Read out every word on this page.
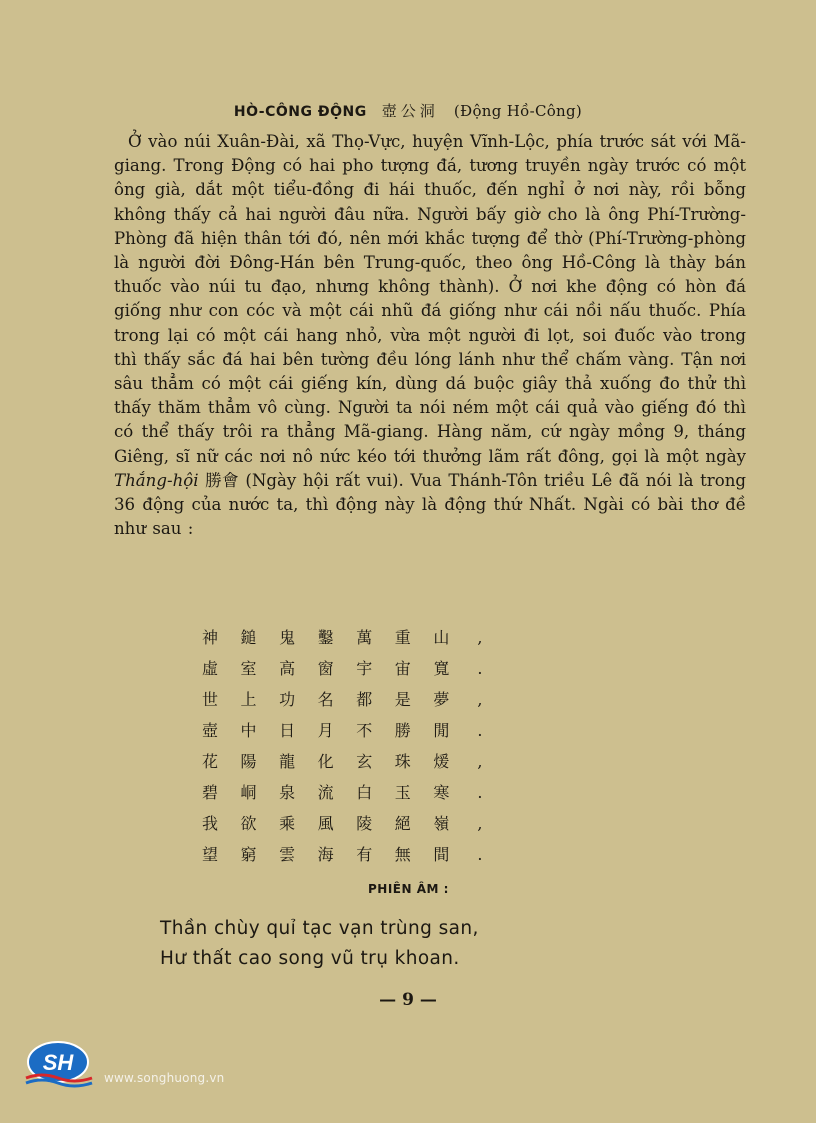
HÒ-CÔNG ĐỘNG 壺公洞 (Động Hồ-Công)
Ở vào núi Xuân-Đài, xã Thọ-Vực, huyện Vĩnh-Lộc, phía trước sát với Mã-giang. Trong Động có hai pho tượng đá, tương truyền ngày trước có một ông già, dắt một tiểu-đồng đi hái thuốc, đến nghỉ ở nơi này, rồi bỗng không thấy cả hai người đâu nữa. Người bấy giờ cho là ông Phí-Trường-Phòng đã hiện thân tới đó, nên mới khắc tượng để thờ (Phí-Trường-phòng là người đời Đông-Hán bên Trung-quốc, theo ông Hồ-Công là thày bán thuốc vào núi tu đạo, nhưng không thành). Ở nơi khe động có hòn đá giống như con cóc và một cái nhũ đá giống như cái nồi nấu thuốc. Phía trong lại có một cái hang nhỏ, vừa một người đi lọt, soi đuốc vào trong thì thấy sắc đá hai bên tường đều lóng lánh như thể chấm vàng. Tận nơi sâu thẳm có một cái giếng kín, dùng dá buộc giây thả xuống đo thử thì thấy thăm thẳm vô cùng. Người ta nói ném một cái quả vào giếng đó thì có thể thấy trôi ra thẳng Mã-giang. Hàng năm, cứ ngày mồng 9, tháng Giêng, sĩ nữ các nơi nô nức kéo tới thưởng lãm rất đông, gọi là một ngày Thắng-hội 勝會 (Ngày hội rất vui). Vua Thánh-Tôn triều Lê đã nói là trong 36 động của nước ta, thì động này là động thứ Nhất. Ngài có bài thơ đề như sau :
神 鎚 鬼 鑿 萬 重 山	,
虛 室 高 窗 宇 宙 寬	.
世 上 功 名 都 是 夢	,
壺 中 日 月 不 勝 閒	.
花 陽 龍 化 玄 珠 煖	,
碧 峒 泉 流 白 玉 寒	.
我 欲 乘 風 陵 絕 嶺	,
望 窮 雲 海 有 無 間	.
PHIÊN ÂM :
Thần chùy quỉ tạc vạn trùng san,
Hư thất cao song vũ trụ khoan.
— 9 —
SH
www.songhuong.vn
